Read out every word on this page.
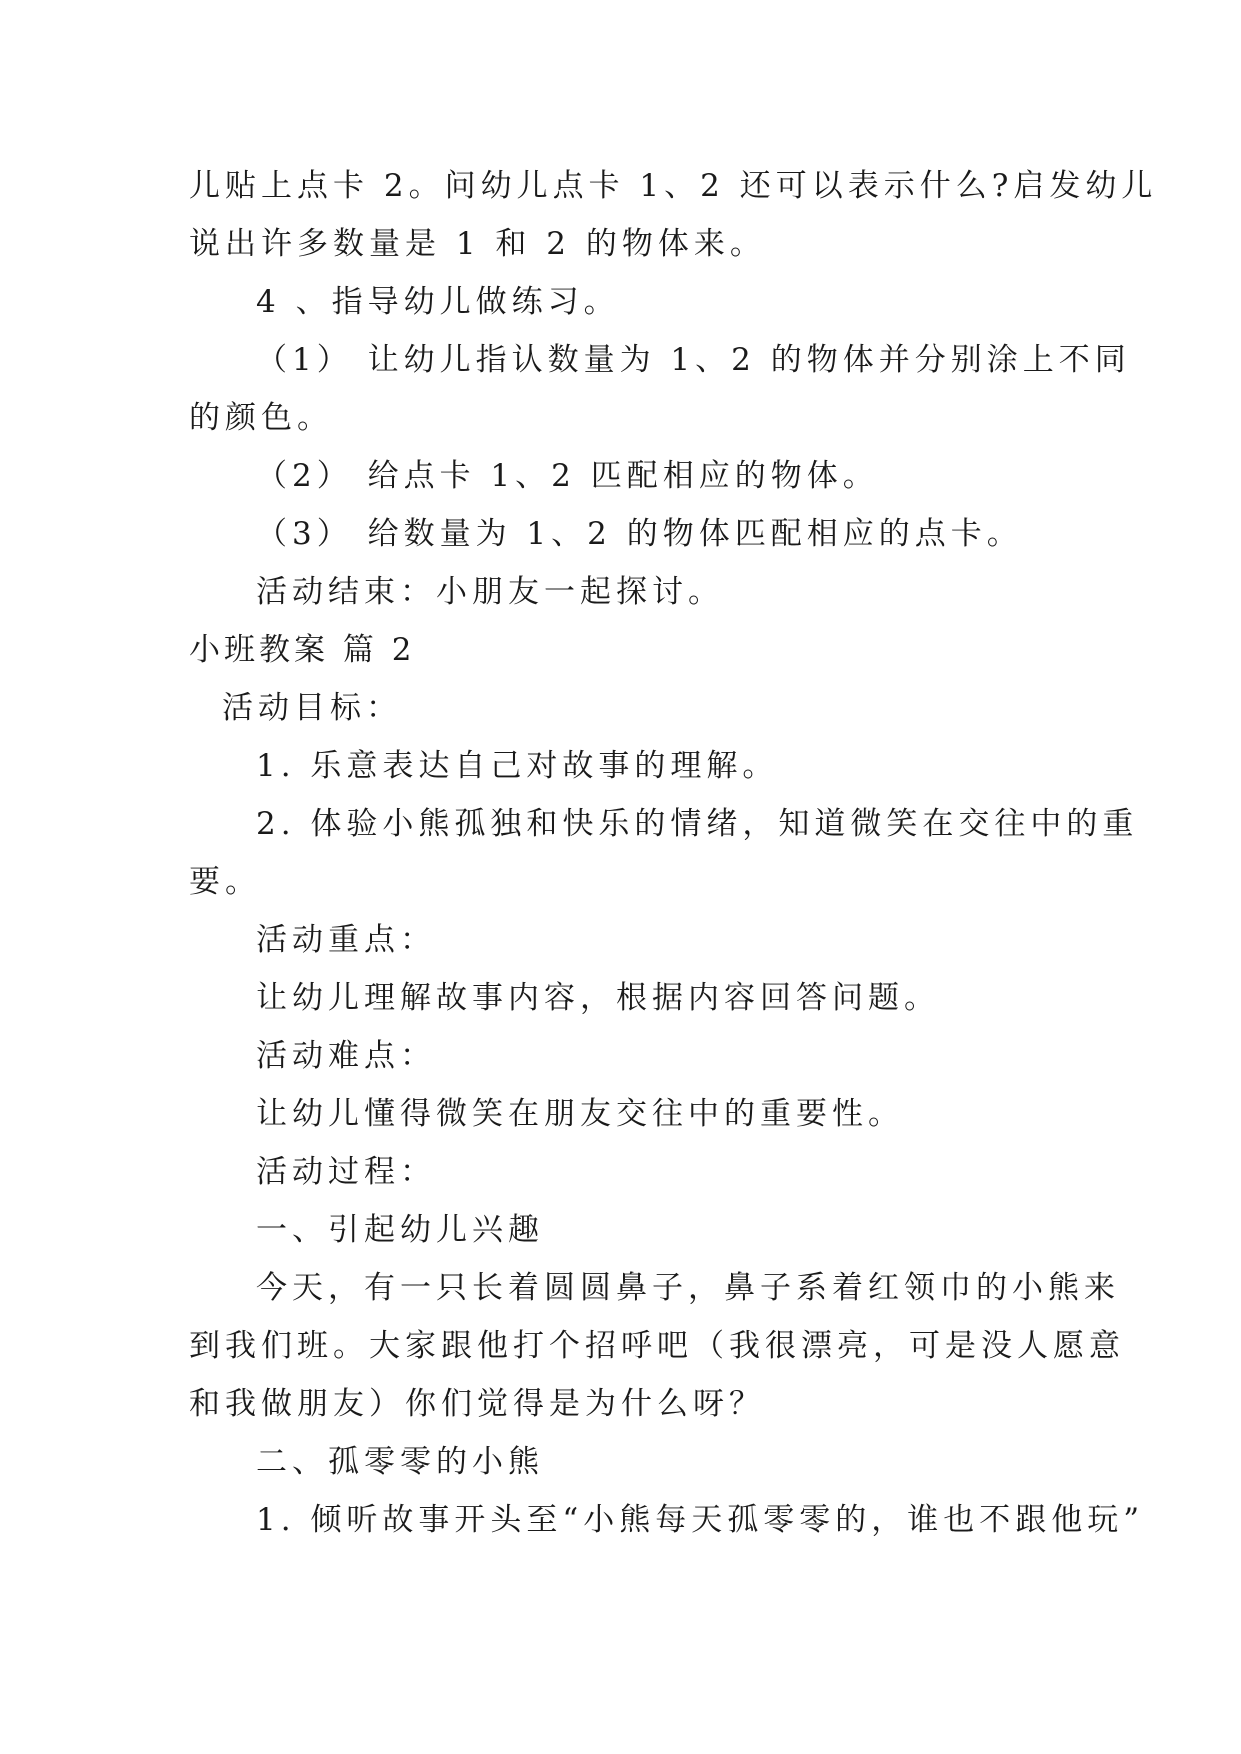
儿贴上点卡 2。问幼儿点卡 1、2 还可以表示什么?启发幼儿
说出许多数量是 1 和 2 的物体来。
4 、指导幼儿做练习。
（1） 让幼儿指认数量为 1、2 的物体并分别涂上不同
的颜色。
（2） 给点卡 1、2 匹配相应的物体。
（3） 给数量为 1、2 的物体匹配相应的点卡。
活动结束：小朋友一起探讨。
小班教案 篇 2
活动目标：
1. 乐意表达自己对故事的理解。
2. 体验小熊孤独和快乐的情绪，知道微笑在交往中的重
要。
活动重点：
让幼儿理解故事内容，根据内容回答问题。
活动难点：
让幼儿懂得微笑在朋友交往中的重要性。
活动过程：
一、引起幼儿兴趣
今天，有一只长着圆圆鼻子，鼻子系着红领巾的小熊来
到我们班。大家跟他打个招呼吧（我很漂亮，可是没人愿意
和我做朋友）你们觉得是为什么呀？
二、孤零零的小熊
1. 倾听故事开头至“小熊每天孤零零的，谁也不跟他玩”
